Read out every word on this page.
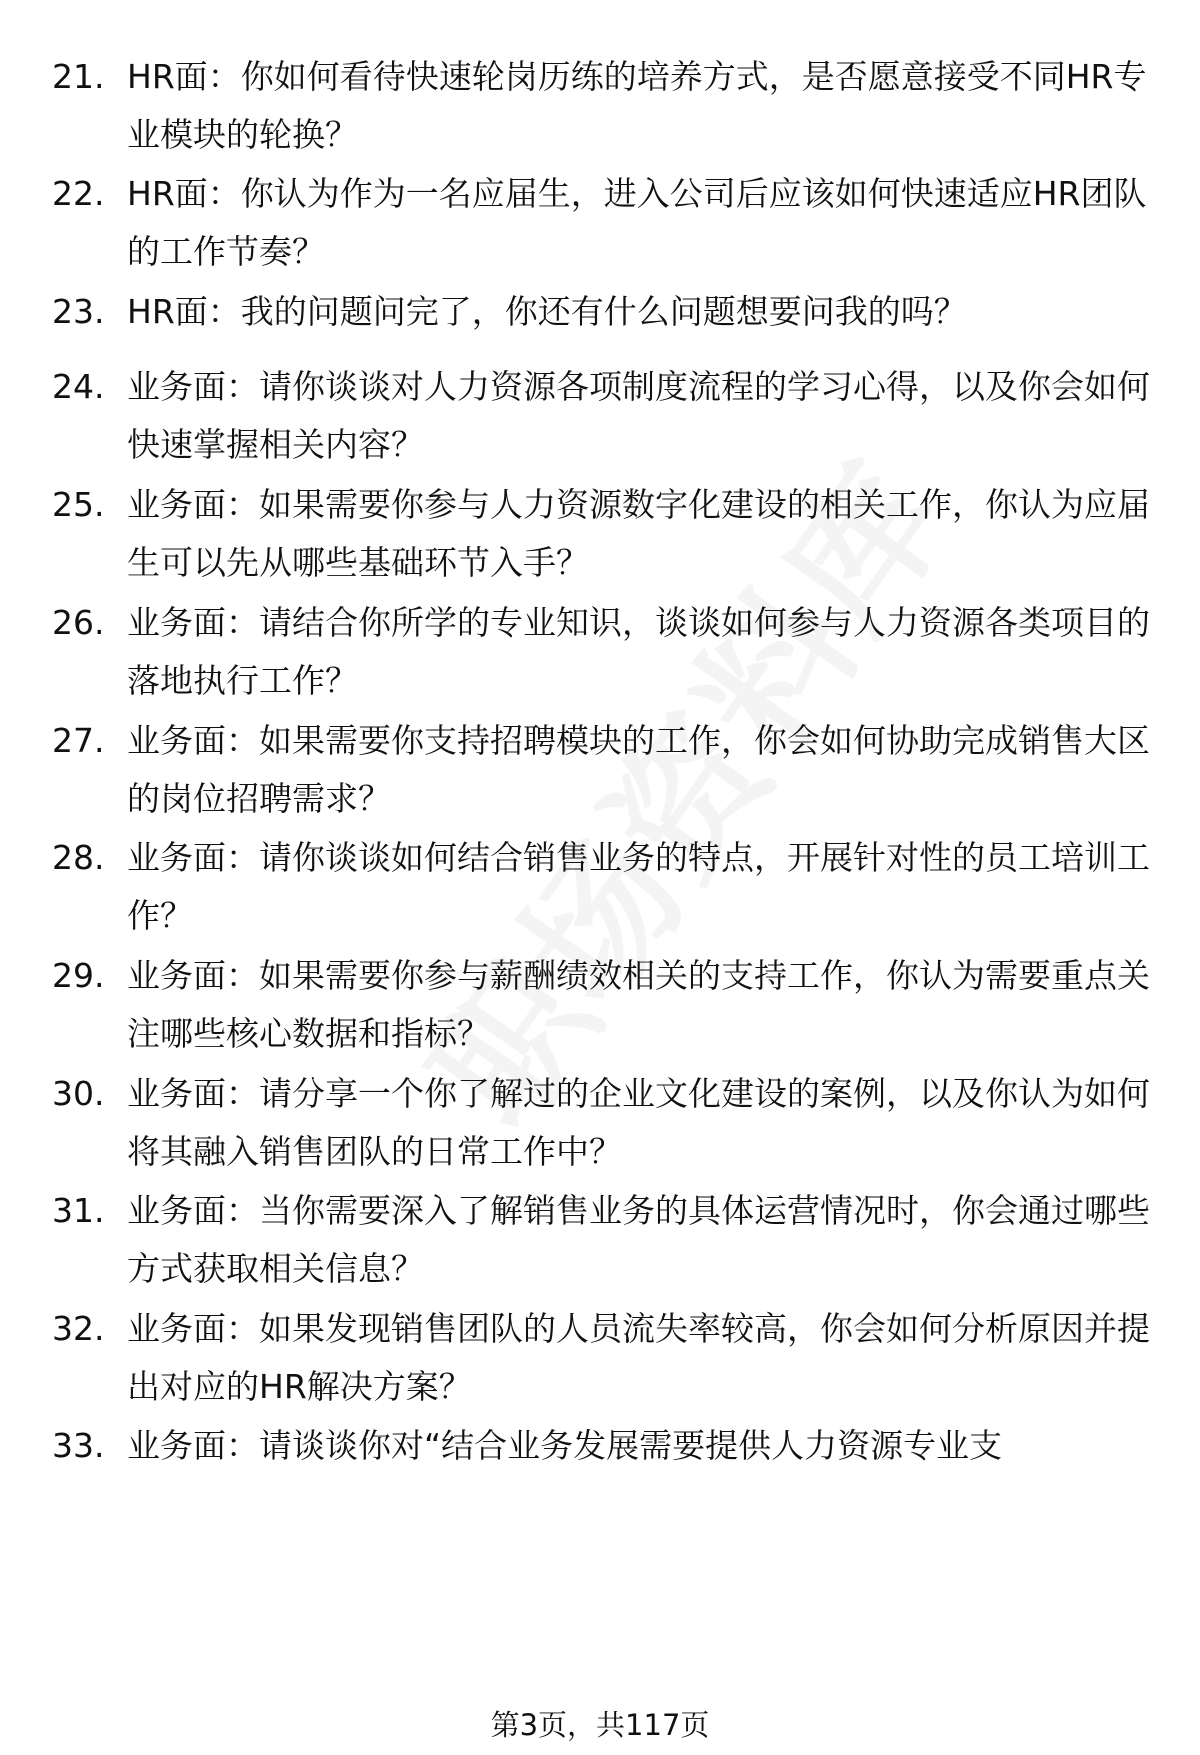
21. HR面：你如何看待快速轮岗历练的培养方式，是否愿意接受不同HR专业模块的轮换？
22. HR面：你认为作为一名应届生，进入公司后应该如何快速适应HR团队的工作节奏？
23. HR面：我的问题问完了，你还有什么问题想要问我的吗？
24. 业务面：请你谈谈对人力资源各项制度流程的学习心得，以及你会如何快速掌握相关内容？
25. 业务面：如果需要你参与人力资源数字化建设的相关工作，你认为应届生可以先从哪些基础环节入手？
26. 业务面：请结合你所学的专业知识，谈谈如何参与人力资源各类项目的落地执行工作？
27. 业务面：如果需要你支持招聘模块的工作，你会如何协助完成销售大区的岗位招聘需求？
28. 业务面：请你谈谈如何结合销售业务的特点，开展针对性的员工培训工作？
29. 业务面：如果需要你参与薪酬绩效相关的支持工作，你认为需要重点关注哪些核心数据和指标？
30. 业务面：请分享一个你了解过的企业文化建设的案例，以及你认为如何将其融入销售团队的日常工作中？
31. 业务面：当你需要深入了解销售业务的具体运营情况时，你会通过哪些方式获取相关信息？
32. 业务面：如果发现销售团队的人员流失率较高，你会如何分析原因并提出对应的HR解决方案？
33. 业务面：请谈谈你对“结合业务发展需要提供人力资源专业支
第3页，共117页
